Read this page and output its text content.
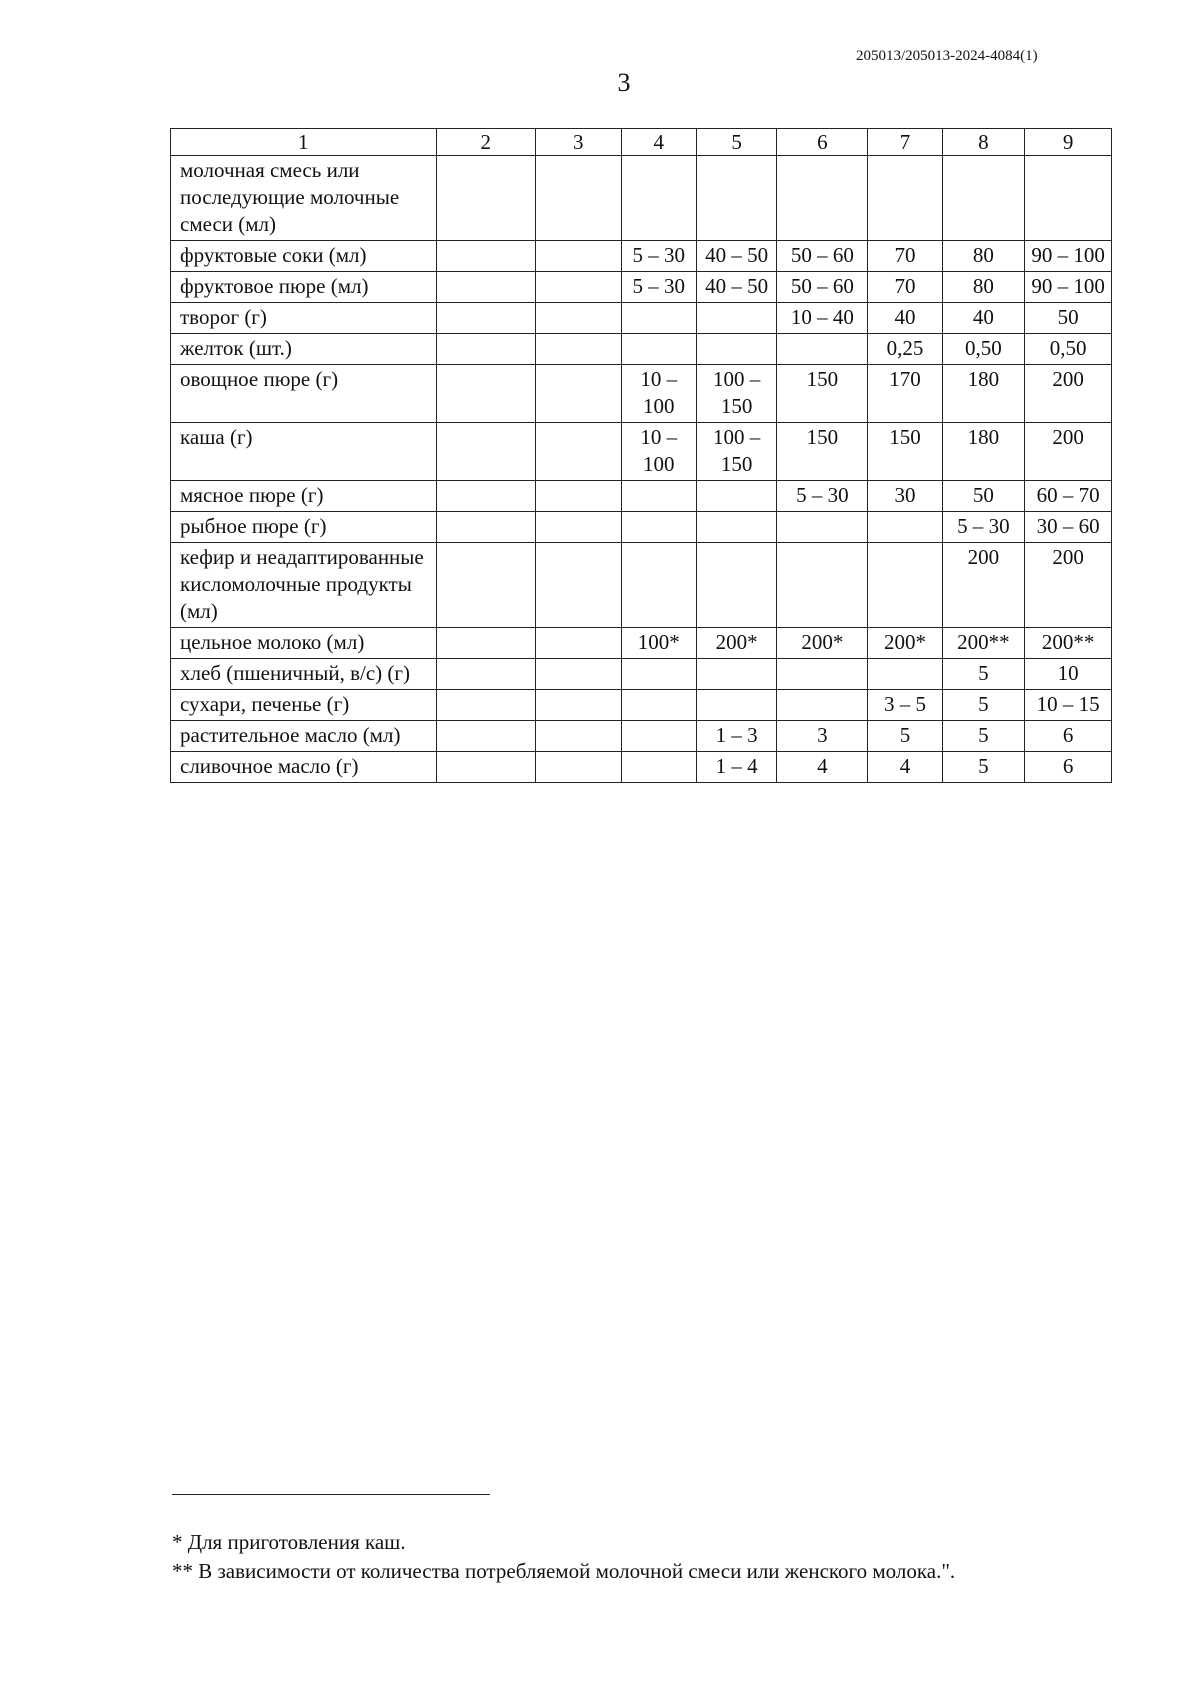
205013/205013-2024-4084(1)
3
1	2	3	4	5	6	7	8	9
молочная смесь или последующие молочные смеси (мл)								
фруктовые соки (мл)			5 – 30	40 – 50	50 – 60	70	80	90 – 100
фруктовое пюре (мл)			5 – 30	40 – 50	50 – 60	70	80	90 – 100
творог (г)					10 – 40	40	40	50
желток (шт.)						0,25	0,50	0,50
овощное пюре (г)			10 – 100	100 – 150	150	170	180	200
каша (г)			10 – 100	100 – 150	150	150	180	200
мясное пюре (г)					5 – 30	30	50	60 – 70
рыбное пюре (г)							5 – 30	30 – 60
кефир и неадаптированные кисломолочные продукты (мл)							200	200
цельное молоко (мл)			100*	200*	200*	200*	200**	200**
хлеб (пшеничный, в/с) (г)							5	10
сухари, печенье (г)						3 – 5	5	10 – 15
растительное масло (мл)				1 – 3	3	5	5	6
сливочное масло (г)				1 – 4	4	4	5	6
* Для приготовления каш.
** В зависимости от количества потребляемой молочной смеси или женского молока.".
